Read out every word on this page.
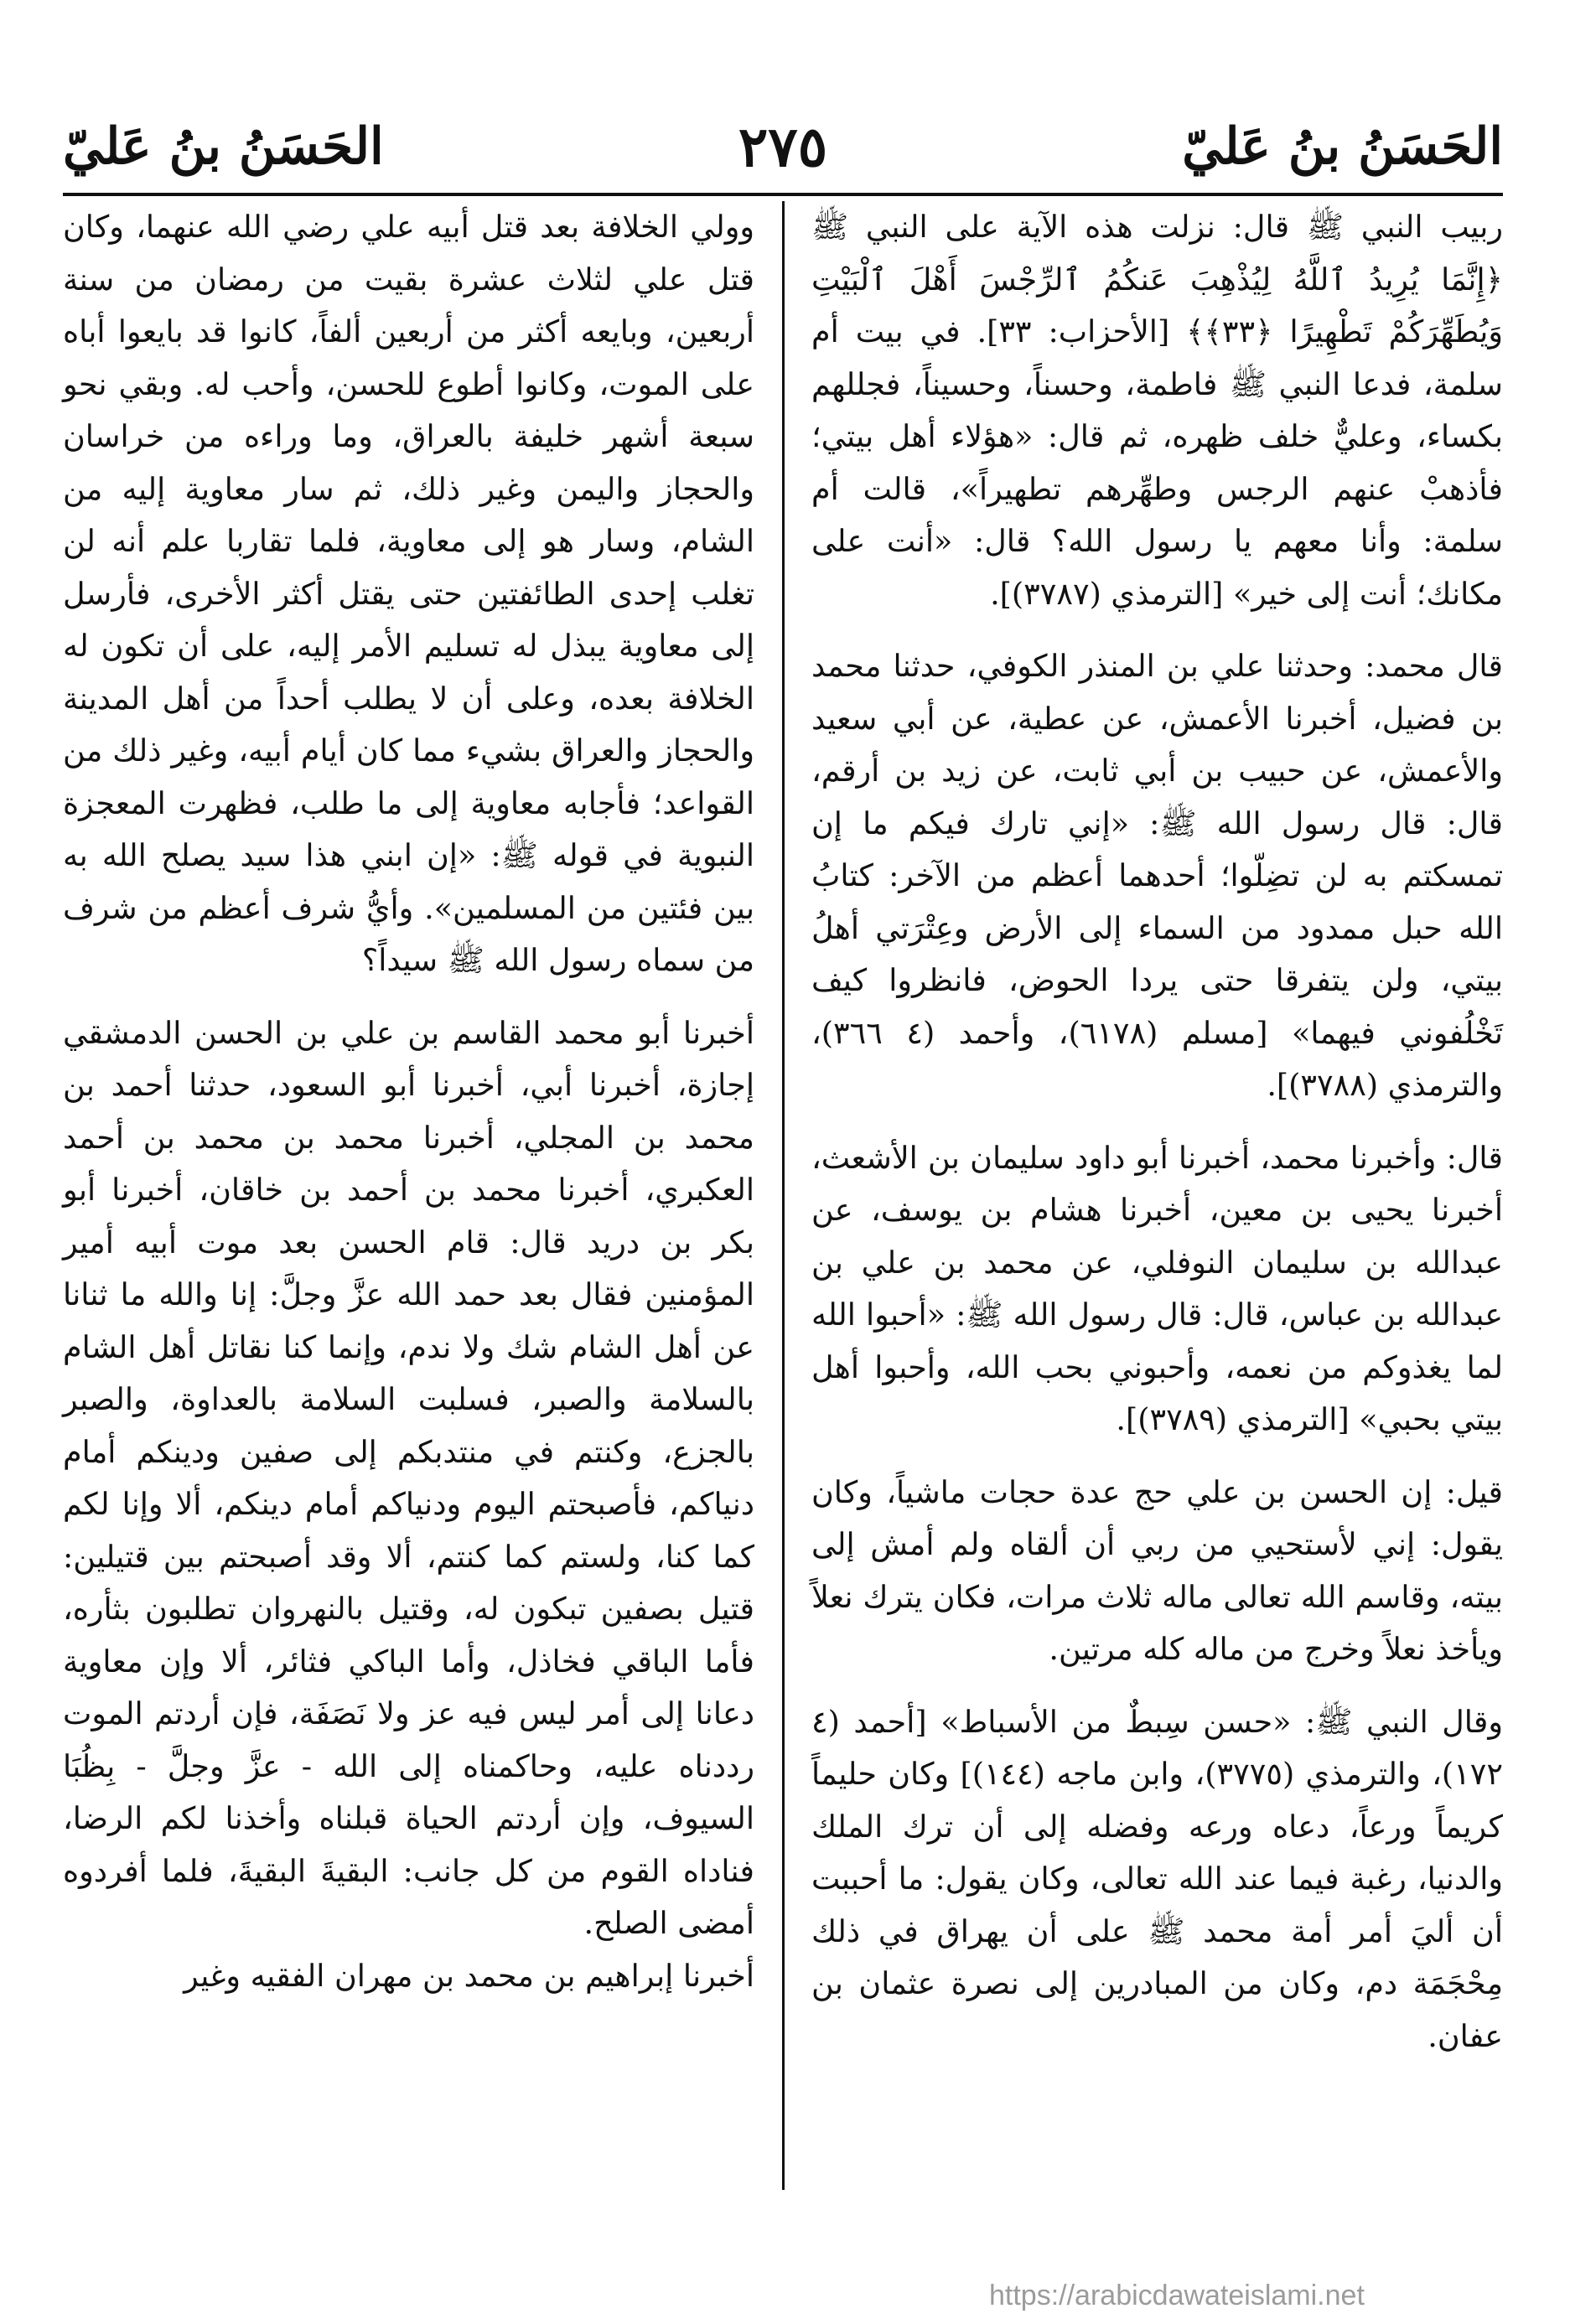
الحَسَنُ بنُ عَليّ
٢٧٥
الحَسَنُ بنُ عَليّ

ربيب النبي ﷺ قال: نزلت هذه الآية على النبي ﷺ ﴿إِنَّمَا يُرِيدُ ٱللَّهُ لِيُذْهِبَ عَنكُمُ ٱلرِّجْسَ أَهْلَ ٱلْبَيْتِ وَيُطَهِّرَكُمْ تَطْهِيرًا ﴿٣٣﴾﴾ [الأحزاب: ٣٣]. في بيت أم سلمة، فدعا النبي ﷺ فاطمة، وحسناً، وحسيناً، فجللهم بكساء، وعليٌّ خلف ظهره، ثم قال: «هؤلاء أهل بيتي؛ فأذهبْ عنهم الرجس وطهِّرهم تطهيراً»، قالت أم سلمة: وأنا معهم يا رسول الله؟ قال: «أنت على مكانك؛ أنت إلى خير» [الترمذي (٣٧٨٧)].

قال محمد: وحدثنا علي بن المنذر الكوفي، حدثنا محمد بن فضيل، أخبرنا الأعمش، عن عطية، عن أبي سعيد والأعمش، عن حبيب بن أبي ثابت، عن زيد بن أرقم، قال: قال رسول الله ﷺ: «إني تارك فيكم ما إن تمسكتم به لن تضِلّوا؛ أحدهما أعظم من الآخر: كتابُ الله حبل ممدود من السماء إلى الأرض وعِتْرَتي أهلُ بيتي، ولن يتفرقا حتى يردا الحوض، فانظروا كيف تَخْلُفوني فيهما» [مسلم (٦١٧٨)، وأحمد (٤ ٣٦٦)، والترمذي (٣٧٨٨)].

قال: وأخبرنا محمد، أخبرنا أبو داود سليمان بن الأشعث، أخبرنا يحيى بن معين، أخبرنا هشام بن يوسف، عن عبدالله بن سليمان النوفلي، عن محمد بن علي بن عبدالله بن عباس، قال: قال رسول الله ﷺ: «أحبوا الله لما يغذوكم من نعمه، وأحبوني بحب الله، وأحبوا أهل بيتي بحبي» [الترمذي (٣٧٨٩)].

قيل: إن الحسن بن علي حج عدة حجات ماشياً، وكان يقول: إني لأستحيي من ربي أن ألقاه ولم أمش إلى بيته، وقاسم الله تعالى ماله ثلاث مرات، فكان يترك نعلاً ويأخذ نعلاً وخرج من ماله كله مرتين.

وقال النبي ﷺ: «حسن سِبطٌ من الأسباط» [أحمد (٤ ١٧٢)، والترمذي (٣٧٧٥)، وابن ماجه (١٤٤)] وكان حليماً كريماً ورعاً، دعاه ورعه وفضله إلى أن ترك الملك والدنيا، رغبة فيما عند الله تعالى، وكان يقول: ما أحببت أن أليَ أمر أمة محمد ﷺ على أن يهراق في ذلك مِحْجَمَة دم، وكان من المبادرين إلى نصرة عثمان بن عفان.

وولي الخلافة بعد قتل أبيه علي رضي الله عنهما، وكان قتل علي لثلاث عشرة بقيت من رمضان من سنة أربعين، وبايعه أكثر من أربعين ألفاً، كانوا قد بايعوا أباه على الموت، وكانوا أطوع للحسن، وأحب له. وبقي نحو سبعة أشهر خليفة بالعراق، وما وراءه من خراسان والحجاز واليمن وغير ذلك، ثم سار معاوية إليه من الشام، وسار هو إلى معاوية، فلما تقاربا علم أنه لن تغلب إحدى الطائفتين حتى يقتل أكثر الأخرى، فأرسل إلى معاوية يبذل له تسليم الأمر إليه، على أن تكون له الخلافة بعده، وعلى أن لا يطلب أحداً من أهل المدينة والحجاز والعراق بشيء مما كان أيام أبيه، وغير ذلك من القواعد؛ فأجابه معاوية إلى ما طلب، فظهرت المعجزة النبوية في قوله ﷺ: «إن ابني هذا سيد يصلح الله به بين فئتين من المسلمين». وأيُّ شرف أعظم من شرف من سماه رسول الله ﷺ سيداً؟

أخبرنا أبو محمد القاسم بن علي بن الحسن الدمشقي إجازة، أخبرنا أبي، أخبرنا أبو السعود، حدثنا أحمد بن محمد بن المجلي، أخبرنا محمد بن محمد بن أحمد العكبري، أخبرنا محمد بن أحمد بن خاقان، أخبرنا أبو بكر بن دريد قال: قام الحسن بعد موت أبيه أمير المؤمنين فقال بعد حمد الله عزَّ وجلَّ: إنا والله ما ثنانا عن أهل الشام شك ولا ندم، وإنما كنا نقاتل أهل الشام بالسلامة والصبر، فسلبت السلامة بالعداوة، والصبر بالجزع، وكنتم في منتدبكم إلى صفين ودينكم أمام دنياكم، فأصبحتم اليوم ودنياكم أمام دينكم، ألا وإنا لكم كما كنا، ولستم كما كنتم، ألا وقد أصبحتم بين قتيلين: قتيل بصفين تبكون له، وقتيل بالنهروان تطلبون بثأره، فأما الباقي فخاذل، وأما الباكي فثائر، ألا وإن معاوية دعانا إلى أمر ليس فيه عز ولا نَصَفَة، فإن أردتم الموت رددناه عليه، وحاكمناه إلى الله - عزَّ وجلَّ - بِظُبَا السيوف، وإن أردتم الحياة قبلناه وأخذنا لكم الرضا، فناداه القوم من كل جانب: البقيةَ البقيةَ، فلما أفردوه أمضى الصلح.

أخبرنا إبراهيم بن محمد بن مهران الفقيه وغير

https://arabicdawateislami.net
